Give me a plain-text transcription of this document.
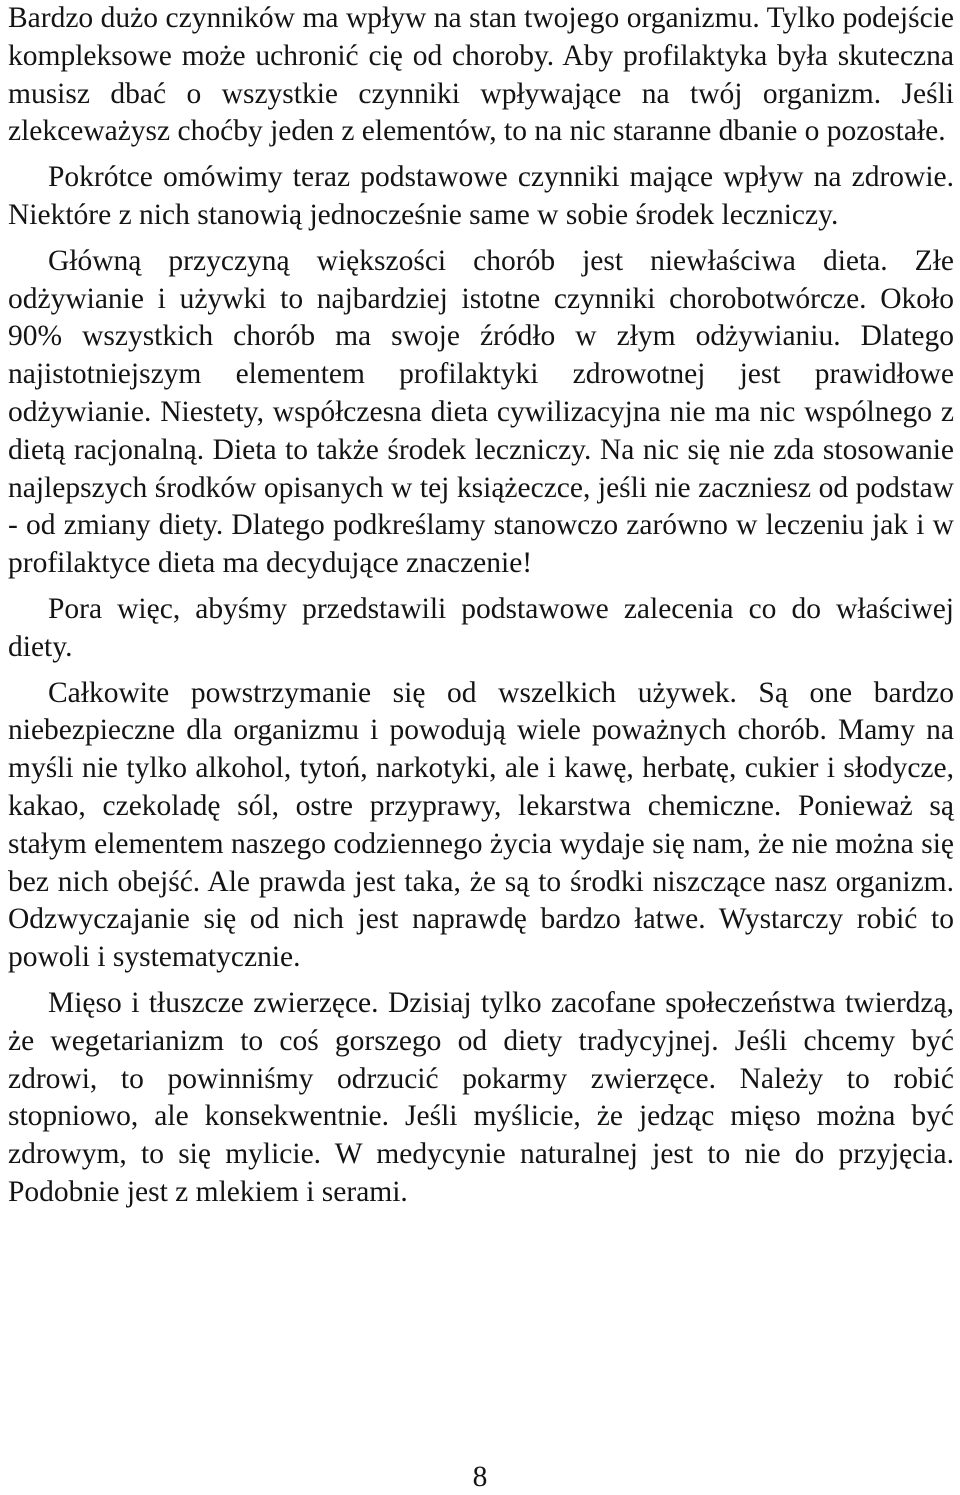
Bardzo dużo czynników ma wpływ na stan twojego organizmu. Tylko podejście kompleksowe może uchronić cię od choroby. Aby profilaktyka była skuteczna musisz dbać o wszystkie czynniki wpływające na twój organizm. Jeśli zlekceważysz choćby jeden z elementów, to na nic staranne dbanie o pozostałe.

Pokrótce omówimy teraz podstawowe czynniki mające wpływ na zdrowie. Niektóre z nich stanowią jednocześnie same w sobie środek leczniczy.

Główną przyczyną większości chorób jest niewłaściwa dieta. Złe odżywianie i używki to najbardziej istotne czynniki chorobotwórcze. Około 90% wszystkich chorób ma swoje źródło w złym odżywianiu. Dlatego najistotniejszym elementem profilaktyki zdrowotnej jest prawidłowe odżywianie. Niestety, współczesna dieta cywilizacyjna nie ma nic wspólnego z dietą racjonalną. Dieta to także środek leczniczy. Na nic się nie zda stosowanie najlepszych środków opisanych w tej książeczce, jeśli nie zaczniesz od podstaw - od zmiany diety. Dlatego podkreślamy stanowczo zarówno w leczeniu jak i w profilaktyce dieta ma decydujące znaczenie!

Pora więc, abyśmy przedstawili podstawowe zalecenia co do właściwej diety.

Całkowite powstrzymanie się od wszelkich używek. Są one bardzo niebezpieczne dla organizmu i powodują wiele poważnych chorób. Mamy na myśli nie tylko alkohol, tytoń, narkotyki, ale i kawę, herbatę, cukier i słodycze, kakao, czekoladę sól, ostre przyprawy, lekarstwa chemiczne. Ponieważ są stałym elementem naszego codziennego życia wydaje się nam, że nie można się bez nich obejść. Ale prawda jest taka, że są to środki niszczące nasz organizm. Odzwyczajanie się od nich jest naprawdę bardzo łatwe. Wystarczy robić to powoli i systematycznie.

Mięso i tłuszcze zwierzęce. Dzisiaj tylko zacofane społeczeństwa twierdzą, że wegetarianizm to coś gorszego od diety tradycyjnej. Jeśli chcemy być zdrowi, to powinniśmy odrzucić pokarmy zwierzęce. Należy to robić stopniowo, ale konsekwentnie. Jeśli myślicie, że jedząc mięso można być zdrowym, to się mylicie. W medycynie naturalnej jest to nie do przyjęcia. Podobnie jest z mlekiem i serami.

8
